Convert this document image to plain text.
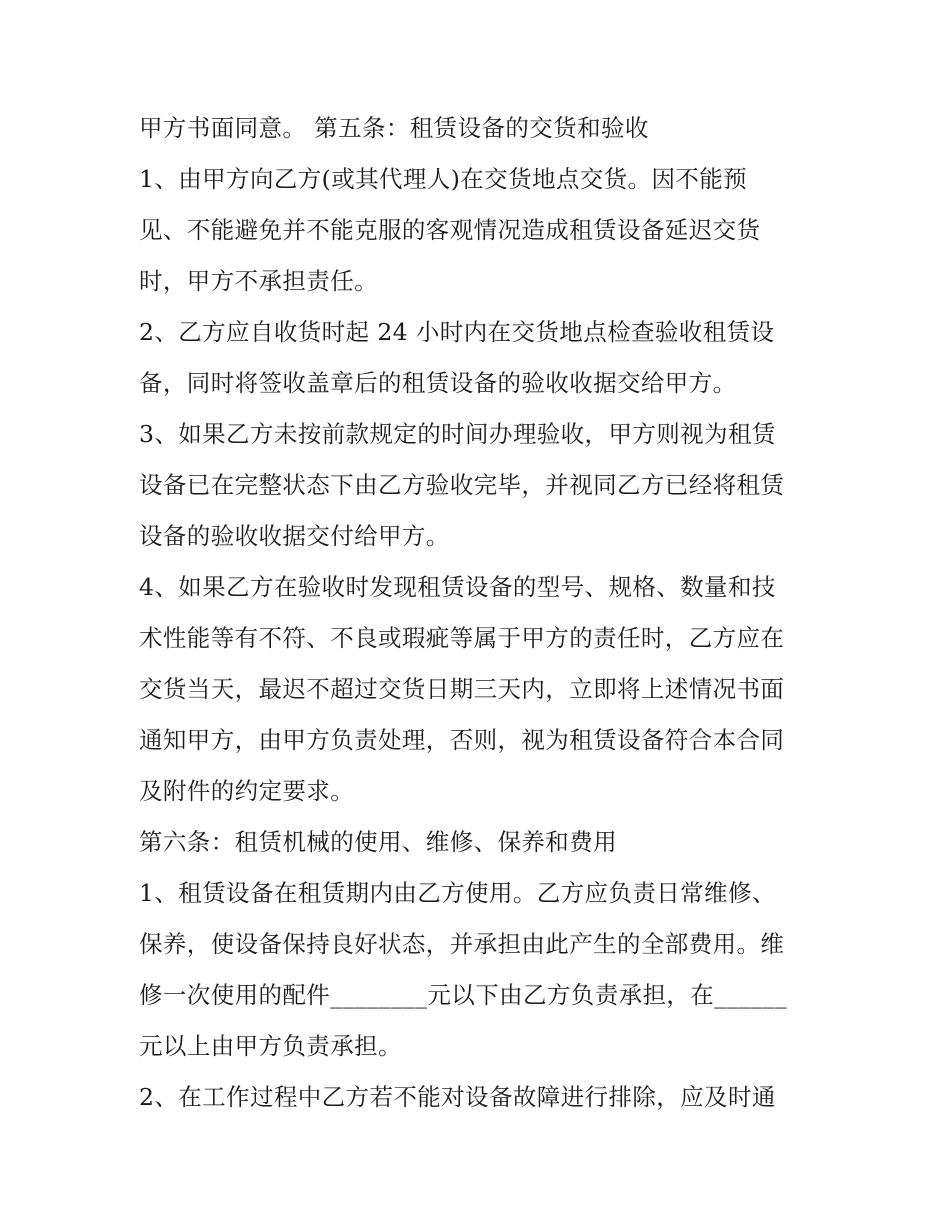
甲方书面同意。 第五条：租赁设备的交货和验收
1、由甲方向乙方(或其代理人)在交货地点交货。因不能预
见、不能避免并不能克服的客观情况造成租赁设备延迟交货
时，甲方不承担责任。
2、乙方应自收货时起 24 小时内在交货地点检查验收租赁设
备，同时将签收盖章后的租赁设备的验收收据交给甲方。
3、如果乙方未按前款规定的时间办理验收，甲方则视为租赁
设备已在完整状态下由乙方验收完毕，并视同乙方已经将租赁
设备的验收收据交付给甲方。
4、如果乙方在验收时发现租赁设备的型号、规格、数量和技
术性能等有不符、不良或瑕疵等属于甲方的责任时，乙方应在
交货当天，最迟不超过交货日期三天内，立即将上述情况书面
通知甲方，由甲方负责处理，否则，视为租赁设备符合本合同
及附件的约定要求。
第六条：租赁机械的使用、维修、保养和费用
1、租赁设备在租赁期内由乙方使用。乙方应负责日常维修、
保养，使设备保持良好状态，并承担由此产生的全部费用。维
修一次使用的配件________元以下由乙方负责承担，在______
元以上由甲方负责承担。
2、在工作过程中乙方若不能对设备故障进行排除，应及时通
